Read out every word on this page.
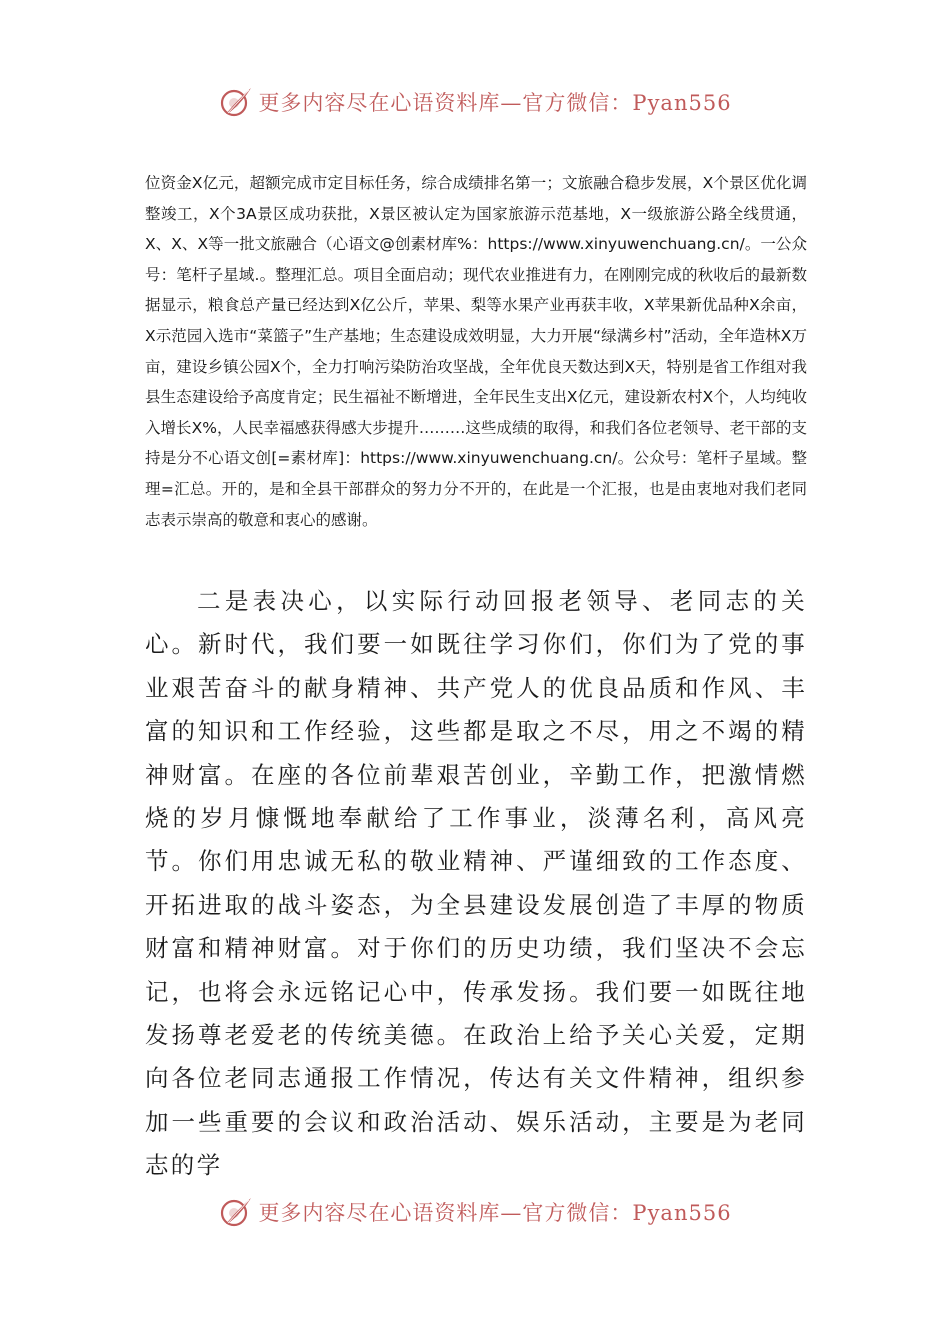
更多内容尽在心语资料库—官方微信：Pyan556

位资金X亿元，超额完成市定目标任务，综合成绩排名第一；文旅融合稳步发展，X个景区优化调整竣工，X个3A景区成功获批，X景区被认定为国家旅游示范基地，X一级旅游公路全线贯通，X、X、X等一批文旅融合（心语文@创素材库%：https://www.xinyuwenchuang.cn/。一公众号：笔杆子星域.。整理汇总。项目全面启动；现代农业推进有力，在刚刚完成的秋收后的最新数据显示，粮食总产量已经达到X亿公斤，苹果、梨等水果产业再获丰收，X苹果新优品种X余亩，X示范园入选市“菜篮子”生产基地；生态建设成效明显，大力开展“绿满乡村”活动，全年造林X万亩，建设乡镇公园X个，全力打响污染防治攻坚战，全年优良天数达到X天，特别是省工作组对我县生态建设给予高度肯定；民生福祉不断增进，全年民生支出X亿元，建设新农村X个，人均纯收入增长X%，人民幸福感获得感大步提升………这些成绩的取得，和我们各位老领导、老干部的支持是分不心语文创[=素材库]：https://www.xinyuwenchuang.cn/。公众号：笔杆子星域。整理=汇总。开的，是和全县干部群众的努力分不开的，在此是一个汇报，也是由衷地对我们老同志表示崇高的敬意和衷心的感谢。

二是表决心，以实际行动回报老领导、老同志的关心。新时代，我们要一如既往学习你们，你们为了党的事业艰苦奋斗的献身精神、共产党人的优良品质和作风、丰富的知识和工作经验，这些都是取之不尽，用之不竭的精神财富。在座的各位前辈艰苦创业，辛勤工作，把激情燃烧的岁月慷慨地奉献给了工作事业，淡薄名利，高风亮节。你们用忠诚无私的敬业精神、严谨细致的工作态度、开拓进取的战斗姿态，为全县建设发展创造了丰厚的物质财富和精神财富。对于你们的历史功绩，我们坚决不会忘记，也将会永远铭记心中，传承发扬。我们要一如既往地发扬尊老爱老的传统美德。在政治上给予关心关爱，定期向各位老同志通报工作情况，传达有关文件精神，组织参加一些重要的会议和政治活动、娱乐活动，主要是为老同志的学

更多内容尽在心语资料库—官方微信：Pyan556
